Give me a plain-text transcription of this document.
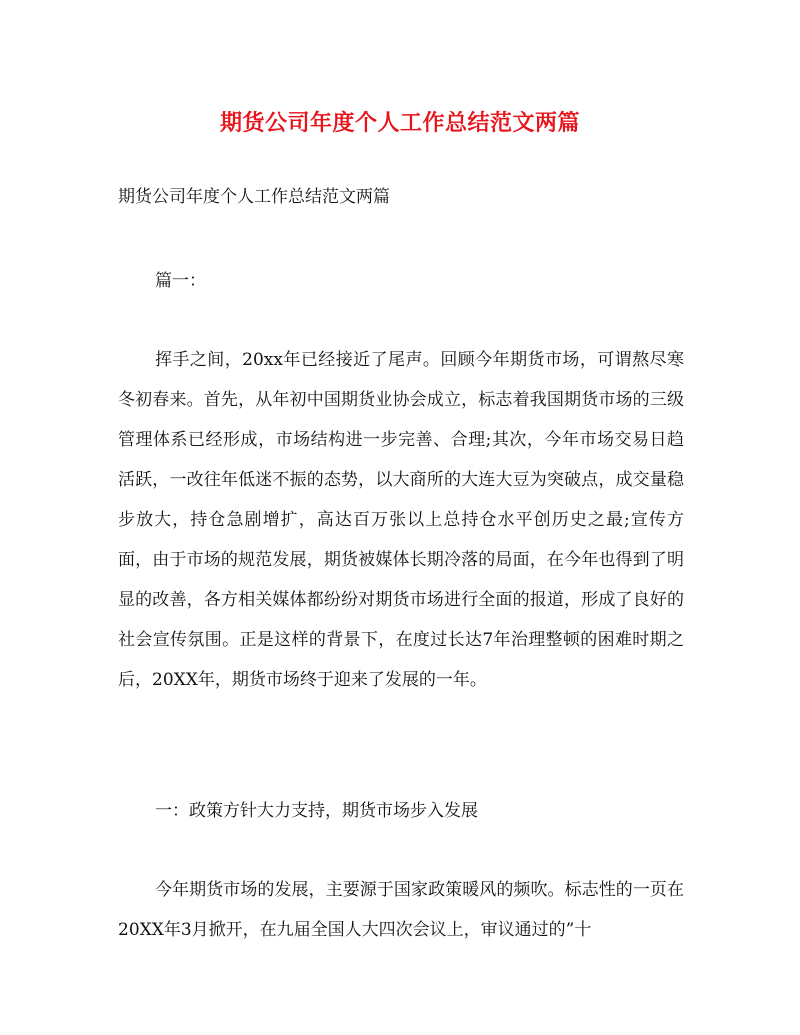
期货公司年度个人工作总结范文两篇
期货公司年度个人工作总结范文两篇
篇一：

挥手之间，20xx年已经接近了尾声。回顾今年期货市场，可谓熬尽寒冬初春来。首先，从年初中国期货业协会成立，标志着我国期货市场的三级管理体系已经形成，市场结构进一步完善、合理;其次，今年市场交易日趋活跃，一改往年低迷不振的态势，以大商所的大连大豆为突破点，成交量稳步放大，持仓急剧增扩，高达百万张以上总持仓水平创历史之最;宣传方面，由于市场的规范发展，期货被媒体长期冷落的局面，在今年也得到了明显的改善，各方相关媒体都纷纷对期货市场进行全面的报道，形成了良好的社会宣传氛围。正是这样的背景下，在度过长达7年治理整顿的困难时期之后，20XX年，期货市场终于迎来了发展的一年。

一：政策方针大力支持，期货市场步入发展

今年期货市场的发展，主要源于国家政策暖风的频吹。标志性的一页在20XX年3月掀开，在九届全国人大四次会议上，审议通过的”十
